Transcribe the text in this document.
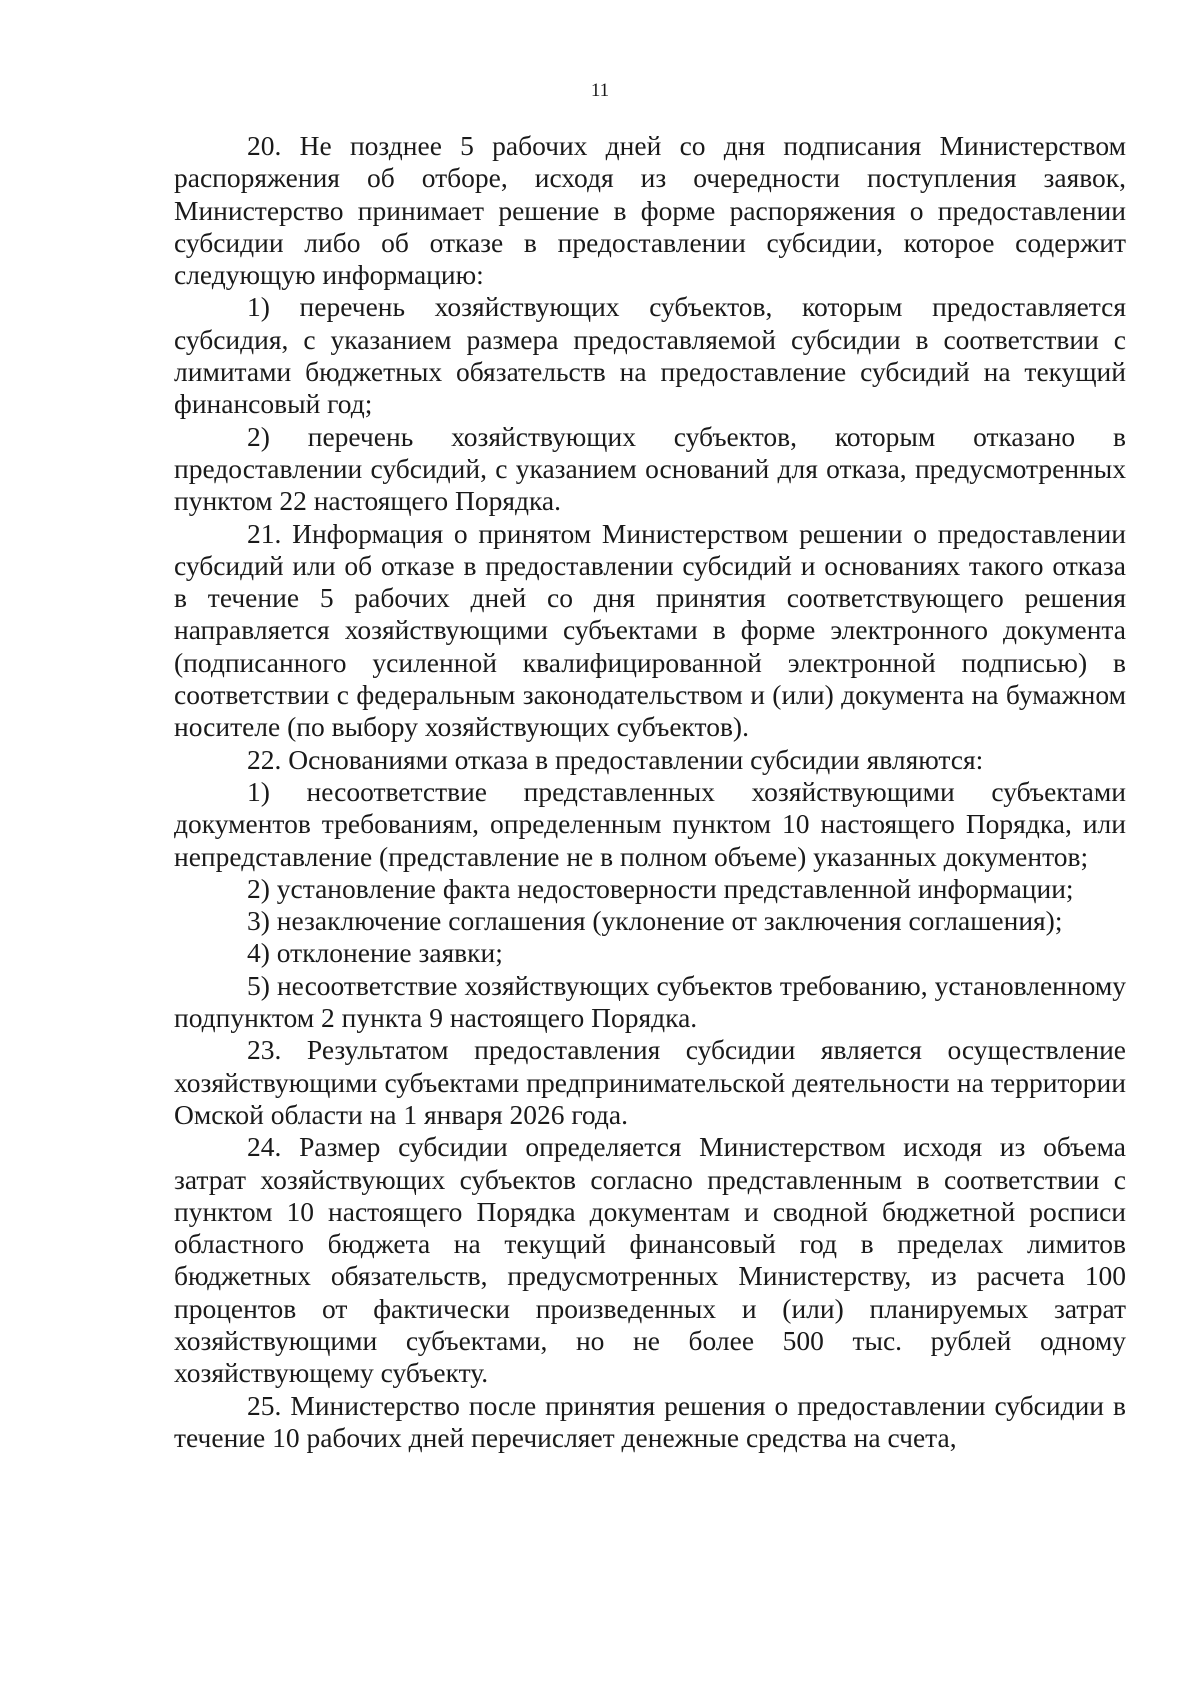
11

20. Не позднее 5 рабочих дней со дня подписания Министерством распоряжения об отборе, исходя из очередности поступления заявок, Министерство принимает решение в форме распоряжения о предоставлении субсидии либо об отказе в предоставлении субсидии, которое содержит следующую информацию:

1) перечень хозяйствующих субъектов, которым предоставляется субсидия, с указанием размера предоставляемой субсидии в соответствии с лимитами бюджетных обязательств на предоставление субсидий на текущий финансовый год;

2) перечень хозяйствующих субъектов, которым отказано в предоставлении субсидий, с указанием оснований для отказа, предусмотренных пунктом 22 настоящего Порядка.

21. Информация о принятом Министерством решении о предоставлении субсидий или об отказе в предоставлении субсидий и основаниях такого отказа в течение 5 рабочих дней со дня принятия соответствующего решения направляется хозяйствующими субъектами в форме электронного документа (подписанного усиленной квалифицированной электронной подписью) в соответствии с федеральным законодательством и (или) документа на бумажном носителе (по выбору хозяйствующих субъектов).

22. Основаниями отказа в предоставлении субсидии являются:

1) несоответствие представленных хозяйствующими субъектами документов требованиям, определенным пунктом 10 настоящего Порядка, или непредставление (представление не в полном объеме) указанных документов;

2) установление факта недостоверности представленной информации;

3) незаключение соглашения (уклонение от заключения соглашения);

4) отклонение заявки;

5) несоответствие хозяйствующих субъектов требованию, установленному подпунктом 2 пункта 9 настоящего Порядка.

23. Результатом предоставления субсидии является осуществление хозяйствующими субъектами предпринимательской деятельности на территории Омской области на 1 января 2026 года.

24. Размер субсидии определяется Министерством исходя из объема затрат хозяйствующих субъектов согласно представленным в соответствии с пунктом 10 настоящего Порядка документам и сводной бюджетной росписи областного бюджета на текущий финансовый год в пределах лимитов бюджетных обязательств, предусмотренных Министерству, из расчета 100 процентов от фактически произведенных и (или) планируемых затрат хозяйствующими субъектами, но не более 500 тыс. рублей одному хозяйствующему субъекту.

25. Министерство после принятия решения о предоставлении субсидии в течение 10 рабочих дней перечисляет денежные средства на счета,
